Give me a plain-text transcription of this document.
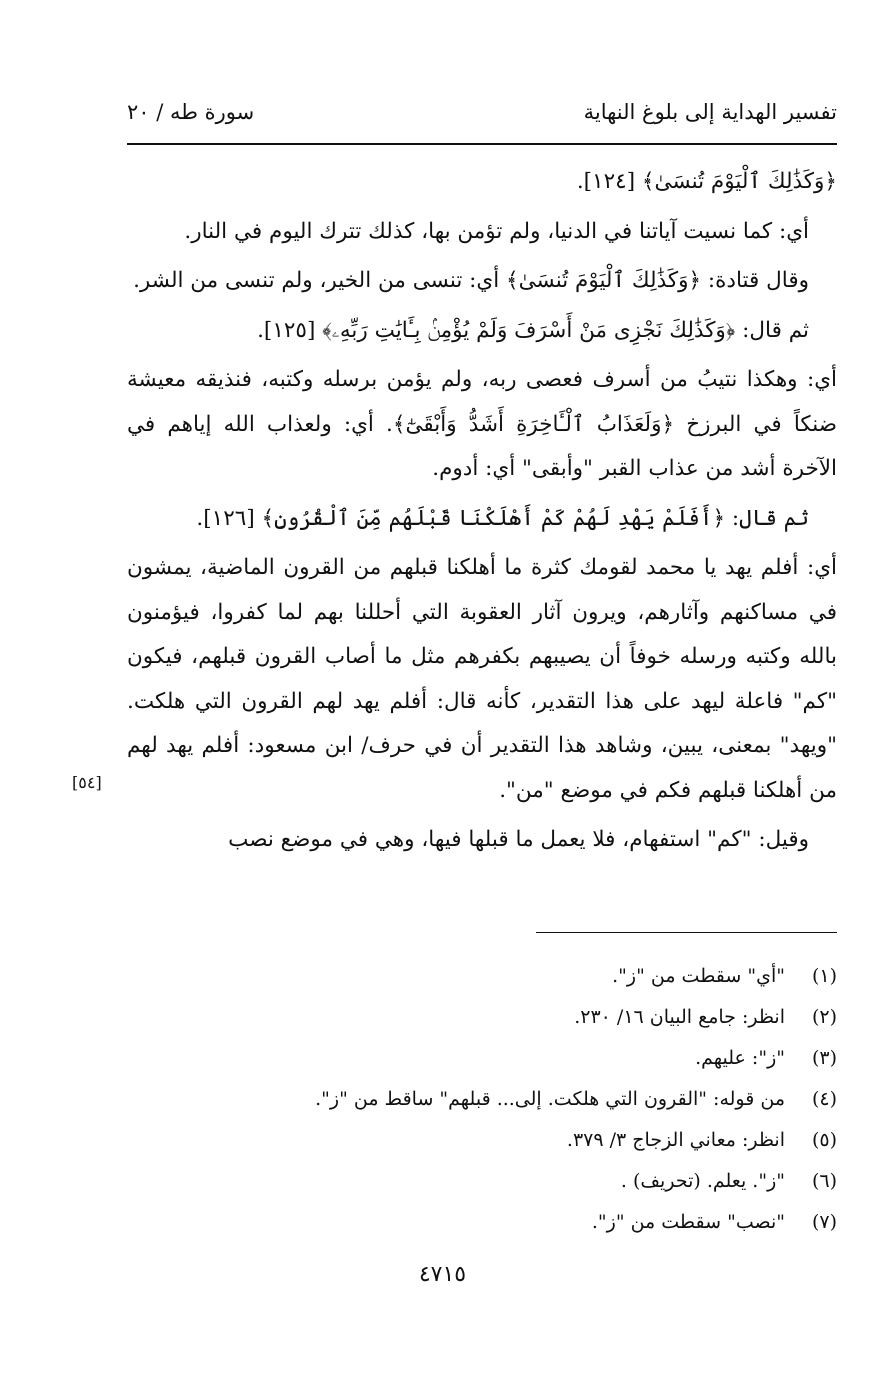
تفسير الهداية إلى بلوغ النهاية
سورة طه / ٢٠

﴿وَكَذَٰلِكَ ٱلْيَوْمَ تُنسَىٰ﴾ [١٢٤].

أي: كما نسيت آياتنا في الدنيا، ولم تؤمن بها، كذلك تترك اليوم في النار.

وقال قتادة: ﴿وَكَذَٰلِكَ ٱلْيَوْمَ تُنسَىٰ﴾ أي: تنسى من الخير، ولم تنسى من الشر.

ثم قال: ﴿وَكَذَٰلِكَ نَجْزِى مَنْ أَسْرَفَ وَلَمْ يُؤْمِنۢ بِـَٔايَٰتِ رَبِّهِۦ﴾ [١٢٥].

أي: وهكذا نتيبُ من أسرف فعصى ربه، ولم يؤمن برسله وكتبه، فنذيقه معيشة ضنكاً في البرزخ ﴿وَلَعَذَابُ ٱلْـَٔاخِرَةِ أَشَدُّ وَأَبْقَىٰٓ﴾. أي: ولعذاب الله إياهم في الآخرة أشد من عذاب القبر "وأبقى" أي: أدوم.

ثم قال: ﴿أَفَلَمْ يَهْدِ لَهُمْ كَمْ أَهْلَكْنَا قَبْلَهُم مِّنَ ٱلْقُرُونِ﴾ [١٢٦].

أي: أفلم يهد يا محمد لقومك كثرة ما أهلكنا قبلهم من القرون الماضية، يمشون في مساكنهم وآثارهم، ويرون آثار العقوبة التي أحللنا بهم لما كفروا، فيؤمنون بالله وكتبه ورسله خوفاً أن يصيبهم بكفرهم مثل ما أصاب القرون قبلهم، فيكون "كم" فاعلة ليهد على هذا التقدير، كأنه قال: أفلم يهد لهم القرون التي هلكت. "ويهد" بمعنى، يبين، وشاهد هذا التقدير أن في حرف/ ابن مسعود: أفلم يهد لهم من أهلكنا قبلهم فكم في موضع "من".

وقيل: "كم" استفهام، فلا يعمل ما قبلها فيها، وهي في موضع نصب

[٥٤]
(١)
"أي" سقطت من "ز".
(٢)
انظر: جامع البيان ١٦/ ٢٣٠.
(٣)
"ز": عليهم.
(٤)
من قوله: "القرون التي هلكت. إلى... قبلهم" ساقط من "ز".
(٥)
انظر: معاني الزجاج ٣/ ٣٧٩.
(٦)
"ز". يعلم. (تحريف) .
(٧)
"نصب" سقطت من "ز".
٤٧١٥
